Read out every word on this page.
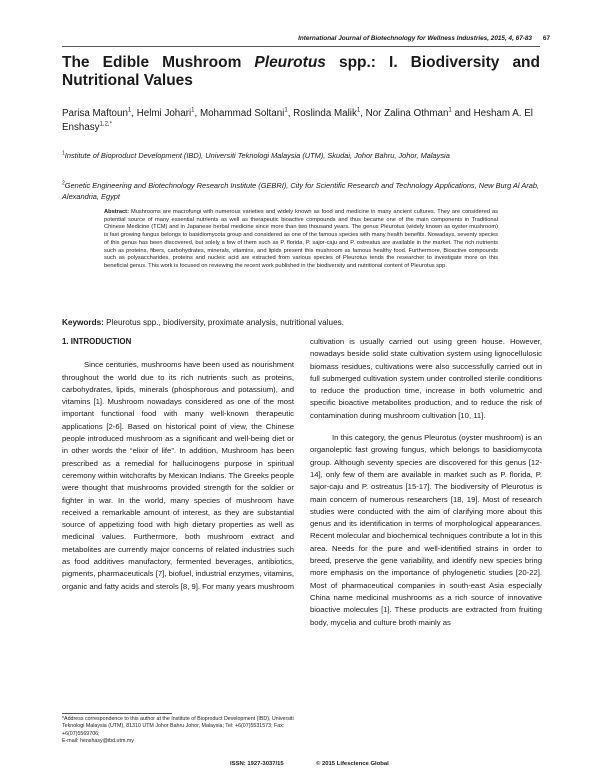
International Journal of Biotechnology for Wellness Industries, 2015, 4, 67-83 67
The Edible Mushroom Pleurotus spp.: I. Biodiversity and Nutritional Values
Parisa Maftoun$^1$, Helmi Johari$^1$, Mohammad Soltani$^1$, Roslinda Malik$^1$, Nor Zalina Othman$^1$ and Hesham A. El Enshasy$^{1,2,*}$
$^1$Institute of Bioproduct Development (IBD), Universiti Teknologi Malaysia (UTM), Skudai, Johor Bahru, Johor, Malaysia
$^2$Genetic Engineering and Biotechnology Research Institute (GEBRI), City for Scientific Research and Technology Applications, New Burg Al Arab, Alexandria, Egypt
Abstract: Mushrooms are macrofungi with numerous varieties and widely known as food and medicine in many ancient cultures. They are considered as potential source of many essential nutrients as well as therapeutic bioactive compounds and thus became one of the main components in Traditional Chinese Medicine (TCM) and in Japanese herbal medicine since more than two thousand years. The genus Pleurotus (widely known as oyster mushroom) is fast growing fungus belongs to basidiomycota group and considered as one of the famous species with many health benefits. Nowadays, seventy species of this genus has been discovered, but solely a few of them such as P. florida, P. sajor-caju and P. ostreatus are available in the market. The rich nutrients such as proteins, fibers, carbohydrates, minerals, vitamins, and lipids present this mushroom as famous healthy food. Furthermore, Bioactive compounds such as polysaccharides, proteins and nucleic acid are extracted from various species of Pleurotus tends the researcher to investigate more on this beneficial genus. This work is focused on reviewing the recent work published in the biodiversity and nutritional content of Pleurotus spp.
Keywords: Pleurotus spp., biodiversity, proximate analysis, nutritional values.

1. INTRODUCTION

Since centuries, mushrooms have been used as nourishment throughout the world due to its rich nutrients such as proteins, carbohydrates, lipids, minerals (phosphorous and potassium), and vitamins [1]. Mushroom nowadays considered as one of the most important functional food with many well-known therapeutic applications [2-6]. Based on historical point of view, the Chinese people introduced mushroom as a significant and well-being diet or in other words the “elixir of life”. In addition, Mushroom has been prescribed as a remedial for hallucinogens purpose in spiritual ceremony within witchcrafts by Mexican Indians. The Greeks people were thought that mushrooms provided strength for the soldier or fighter in war. In the world, many species of mushroom have received a remarkable amount of interest, as they are substantial source of appetizing food with high dietary properties as well as medicinal values. Furthermore, both mushroom extract and metabolites are currently major concerns of related industries such as food additives manufactory, fermented beverages, antibiotics, pigments, pharmaceuticals [7], biofuel, industrial enzymes, vitamins, organic and fatty acids and sterols [8, 9]. For many years mushroom

cultivation is usually carried out using green house. However, nowadays beside solid state cultivation system using lignocellulosic biomass residues, cultivations were also successfully carried out in full submerged cultivation system under controlled sterile conditions to reduce the production time, increase in both volumetric and specific bioactive metabolites production, and to reduce the risk of contamination during mushroom cultivation [10, 11].

In this category, the genus Pleurotus (oyster mushroom) is an organoleptic fast growing fungus, which belongs to basidiomycota group. Although seventy species are discovered for this genus [12-14], only few of them are available in market such as P. florida, P. sajor-caju and P. ostreatus [15-17]. The biodiversity of Pleurotus is main concern of numerous researchers [18, 19]. Most of research studies were conducted with the aim of clarifying more about this genus and its identification in terms of morphological appearances. Recent molecular and biochemical techniques contribute a lot in this area. Needs for the pure and well-identified strains in order to breed, preserve the gene variability, and identify new species bring more emphasis on the importance of phylogenetic studies [20-22]. Most of pharmaceutical companies in south-east Asia especially China name medicinal mushrooms as a rich source of innovative bioactive molecules [1]. These products are extracted from fruiting body, mycelia and culture broth mainly as

*Address correspondence to this author at the Institute of Bioproduct Development (IBD), Universiti Teknologi Malaysia (UTM), 81310 UTM Johor Bahru Johor, Malaysia; Tel: +6(07)5531573; Fax: +6(07)5569706;
E-mail: henshasy@ibd.utm.my
ISSN: 1927-3037/15	© 2015 Lifescience Global
